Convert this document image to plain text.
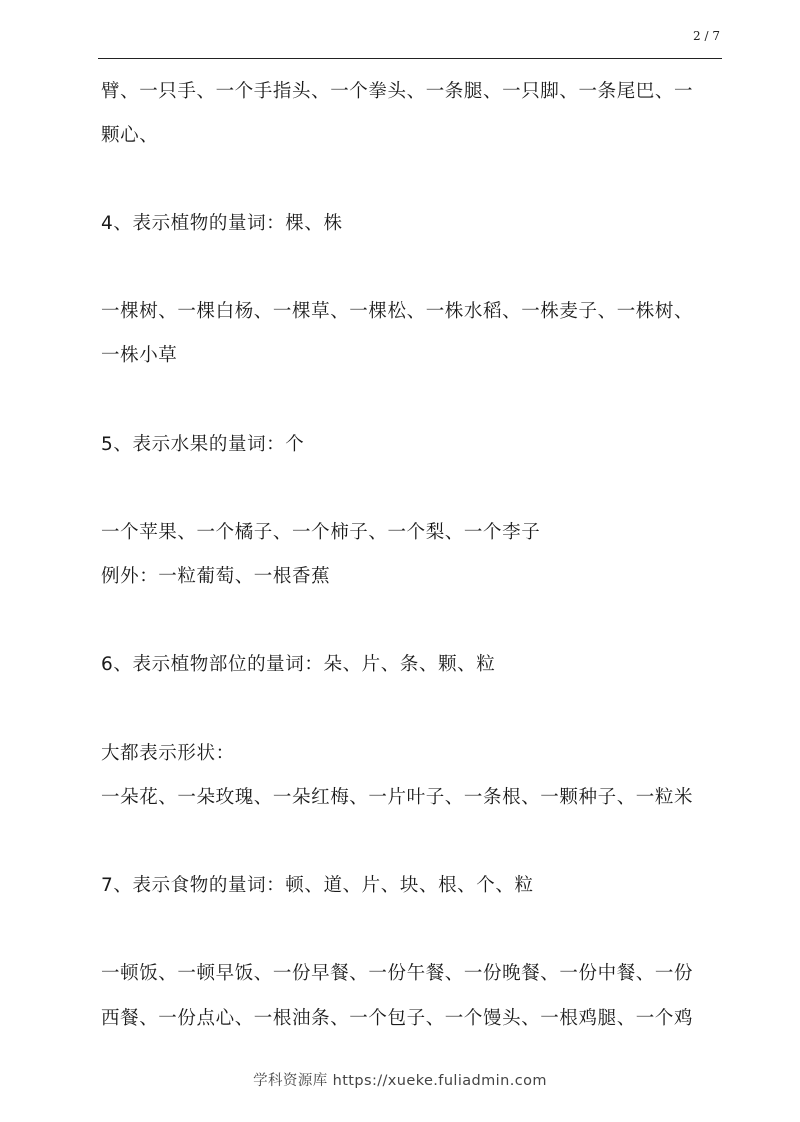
2 / 7
臂、一只手、一个手指头、一个拳头、一条腿、一只脚、一条尾巴、一
颗心、
4、表示植物的量词：棵、株
一棵树、一棵白杨、一棵草、一棵松、一株水稻、一株麦子、一株树、
一株小草
5、表示水果的量词：个
一个苹果、一个橘子、一个柿子、一个梨、一个李子
例外：一粒葡萄、一根香蕉
6、表示植物部位的量词：朵、片、条、颗、粒
大都表示形状：
一朵花、一朵玫瑰、一朵红梅、一片叶子、一条根、一颗种子、一粒米
7、表示食物的量词：顿、道、片、块、根、个、粒
一顿饭、一顿早饭、一份早餐、一份午餐、一份晚餐、一份中餐、一份
西餐、一份点心、一根油条、一个包子、一个馒头、一根鸡腿、一个鸡
学科资源库 https://xueke.fuliadmin.com
